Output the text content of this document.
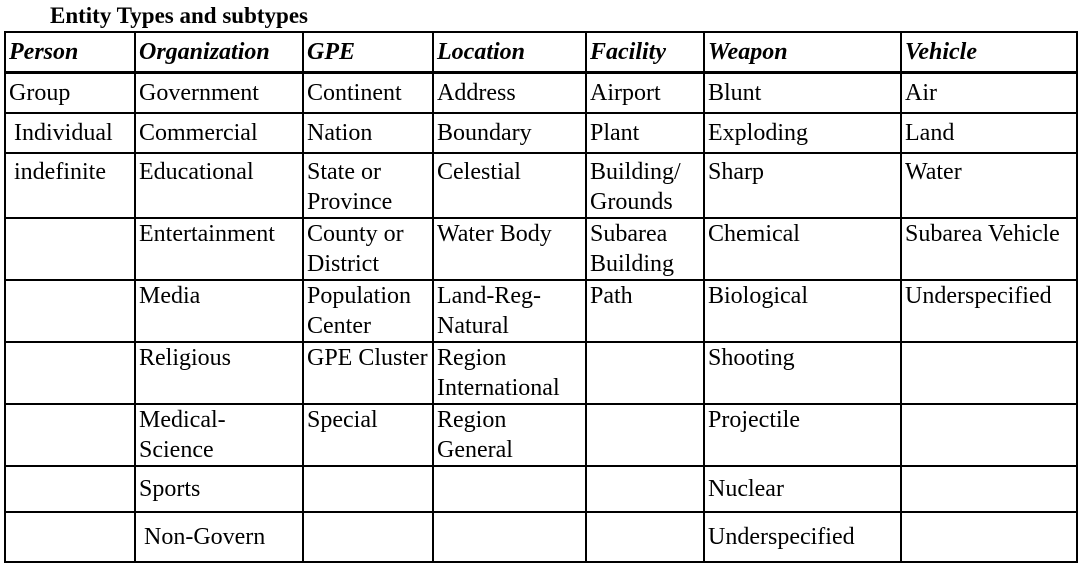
Entity Types and subtypes
Person	Organization	GPE	Location	Facility	Weapon	Vehicle
Group	Government	Continent	Address	Airport	Blunt	Air
Individual	Commercial	Nation	Boundary	Plant	Exploding	Land
indefinite	Educational	State or Province	Celestial	Building/ Grounds	Sharp	Water
	Entertainment	County or District	Water Body	Subarea Building	Chemical	Subarea Vehicle
	Media	Population Center	Land-Reg-Natural	Path	Biological	Underspecified
	Religious	GPE Cluster	Region International		Shooting	
	Medical-Science	Special	Region General		Projectile	
	Sports				Nuclear	
	Non-Govern				Underspecified	
